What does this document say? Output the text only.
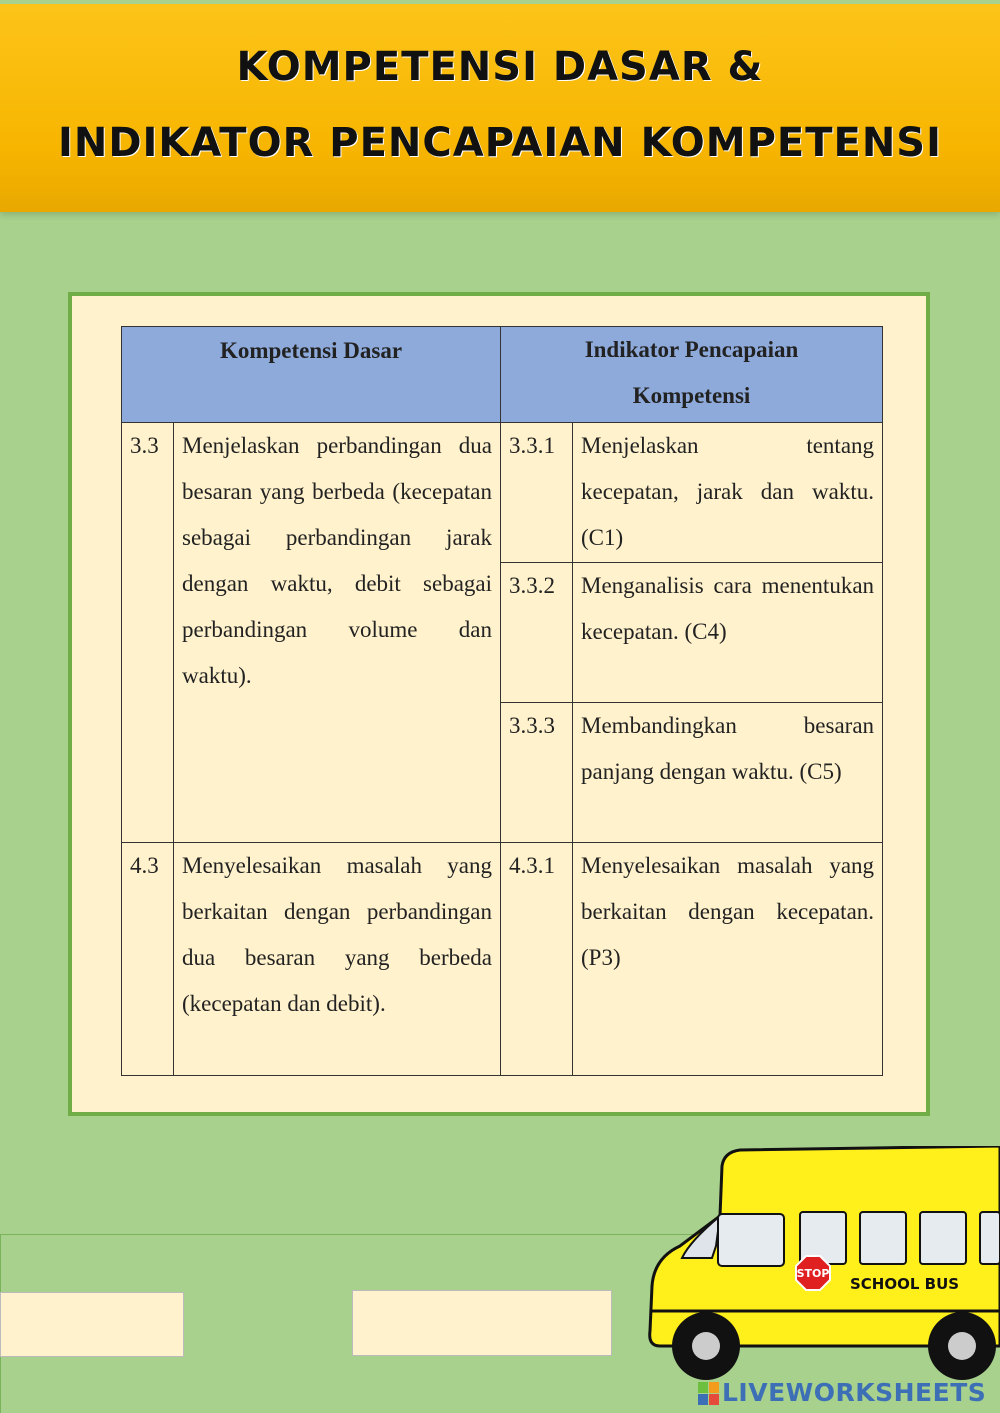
KOMPETENSI DASAR &
INDIKATOR PENCAPAIAN KOMPETENSI
Kompetensi Dasar		Indikator Pencapaian Kompetensi	
3.3	Menjelaskan perbandingan dua besaran yang berbeda (kecepatan sebagai perbandingan jarak dengan waktu, debit sebagai perbandingan volume dan waktu).	3.3.1	Menjelaskan tentang kecepatan, jarak dan waktu. (C1)
		3.3.2	Menganalisis cara menentukan kecepatan. (C4)
		3.3.3	Membandingkan besaran panjang dengan waktu. (C5)
4.3	Menyelesaikan masalah yang berkaitan dengan perbandingan dua besaran yang berbeda (kecepatan dan debit).	4.3.1	Menyelesaikan masalah yang berkaitan dengan kecepatan. (P3)
STOP
SCHOOL BUS
LIVEWORKSHEETS
